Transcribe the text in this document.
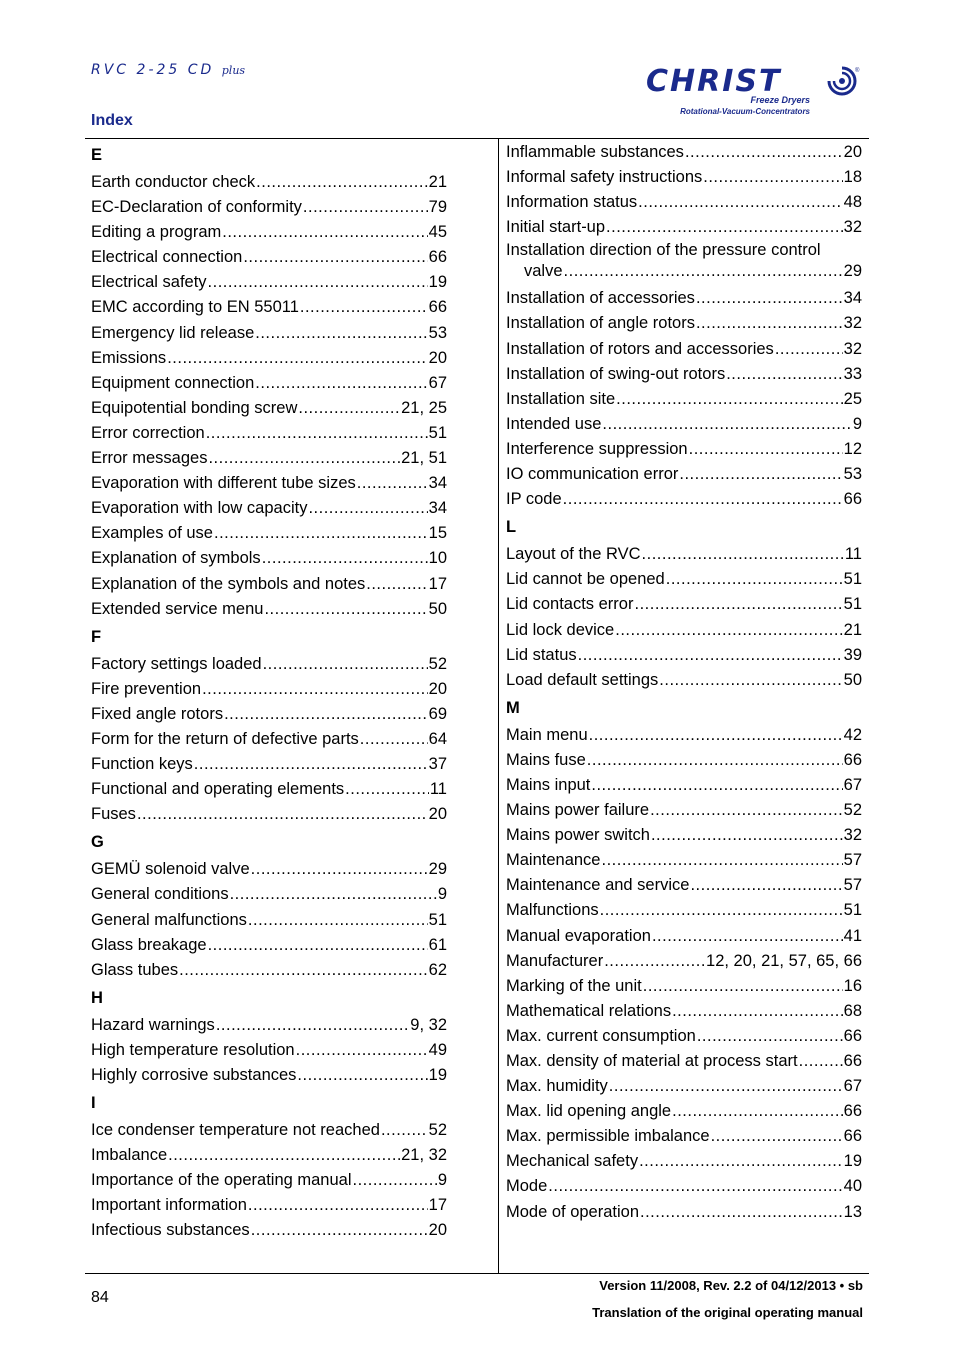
RVC 2-25 CD plus
Index
CHRIST	®
Freeze Dryers
Rotational-Vacuum-Concentrators
E
Earth conductor check .....	21
EC-Declaration of conformity .....	79
Editing a program .....	45
Electrical connection .....	66
Electrical safety .....	19
EMC according to EN 55011 .....	66
Emergency lid release .....	53
Emissions .....	20
Equipment connection .....	67
Equipotential bonding screw .....	21, 25
Error correction .....	51
Error messages .....	21, 51
Evaporation with different tube sizes .....	34
Evaporation with low capacity .....	34
Examples of use .....	15
Explanation of symbols .....	10
Explanation of the symbols and notes .....	17
Extended service menu .....	50
F
Factory settings loaded .....	52
Fire prevention .....	20
Fixed angle rotors .....	69
Form for the return of defective parts .....	64
Function keys .....	37
Functional and operating elements .....	11
Fuses .....	20
G
GEMÜ solenoid valve .....	29
General conditions .....	9
General malfunctions .....	51
Glass breakage .....	61
Glass tubes .....	62
H
Hazard warnings .....	9, 32
High temperature resolution .....	49
Highly corrosive substances .....	19
I
Ice condenser temperature not reached .....	52
Imbalance .....	21, 32
Importance of the operating manual .....	9
Important information .....	17
Infectious substances .....	20
Inflammable substances .....	20
Informal safety instructions .....	18
Information status .....	48
Initial start-up .....	32
Installation direction of the pressure control
valve .....	29
Installation of accessories .....	34
Installation of angle rotors .....	32
Installation of rotors and accessories .....	32
Installation of swing-out rotors .....	33
Installation site .....	25
Intended use .....	9
Interference suppression .....	12
IO communication error .....	53
IP code .....	66
L
Layout of the RVC .....	11
Lid cannot be opened .....	51
Lid contacts error .....	51
Lid lock device .....	21
Lid status .....	39
Load default settings .....	50
M
Main menu .....	42
Mains fuse .....	66
Mains input .....	67
Mains power failure .....	52
Mains power switch .....	32
Maintenance .....	57
Maintenance and service .....	57
Malfunctions .....	51
Manual evaporation .....	41
Manufacturer .....	12, 20, 21, 57, 65, 66
Marking of the unit .....	16
Mathematical relations .....	68
Max. current consumption .....	66
Max. density of material at process start .....	66
Max. humidity .....	67
Max. lid opening angle .....	66
Max. permissible imbalance .....	66
Mechanical safety .....	19
Mode .....	40
Mode of operation .....	13
84
Version 11/2008, Rev. 2.2 of 04/12/2013 • sb
Translation of the original operating manual
